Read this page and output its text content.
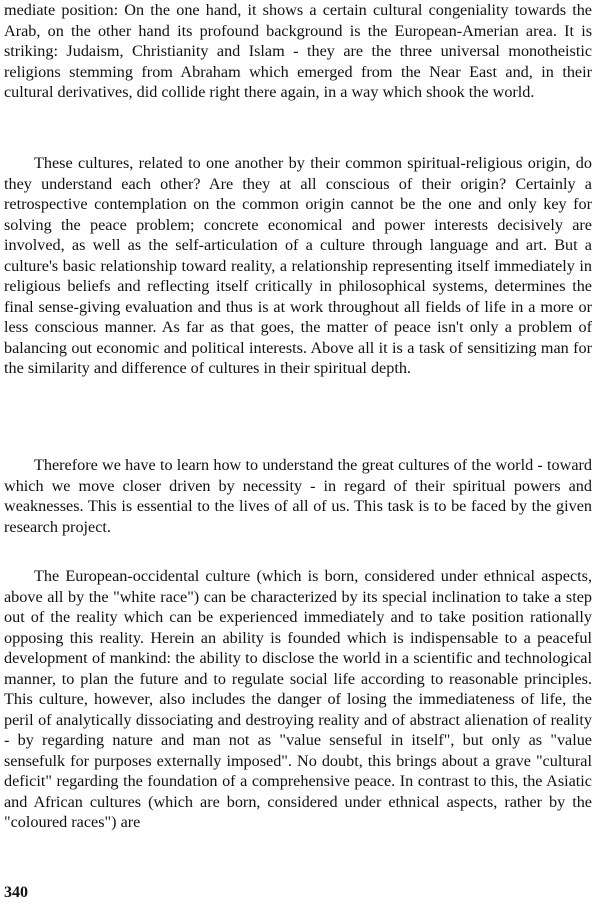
mediate position: On the one hand, it shows a certain cultural congeniality towards the Arab, on the other hand its profound background is the European-Amerian area. It is striking: Judaism, Christianity and Islam - they are the three universal monotheistic religions stemming from Abraham which emerged from the Near East and, in their cultural derivatives, did collide right there again, in a way which shook the world.

These cultures, related to one another by their common spiritual-religious origin, do they understand each other? Are they at all conscious of their origin? Certainly a retrospective contemplation on the common origin cannot be the one and only key for solving the peace problem; concrete economical and power interests decisively are involved, as well as the self-articulation of a culture through language and art. But a culture's basic relationship toward reality, a relationship representing itself immediately in religious beliefs and reflecting itself critically in philosophical systems, determines the final sense-giving evaluation and thus is at work throughout all fields of life in a more or less conscious manner. As far as that goes, the matter of peace isn't only a problem of balancing out economic and political interests. Above all it is a task of sensitizing man for the similarity and difference of cultures in their spiritual depth.

Therefore we have to learn how to understand the great cultures of the world - toward which we move closer driven by necessity - in regard of their spiritual powers and weaknesses. This is essential to the lives of all of us. This task is to be faced by the given research project.

The European-occidental culture (which is born, considered under ethnical aspects, above all by the "white race") can be characterized by its special inclination to take a step out of the reality which can be experienced immediately and to take position rationally opposing this reality. Herein an ability is founded which is indispensable to a peaceful development of mankind: the ability to disclose the world in a scientific and technological manner, to plan the future and to regulate social life according to reasonable principles. This culture, however, also includes the danger of losing the immediateness of life, the peril of analytically dissociating and destroying reality and of abstract alienation of reality - by regarding nature and man not as "value senseful in itself", but only as "value sensefulk for purposes externally imposed". No doubt, this brings about a grave "cultural deficit" regarding the foundation of a comprehensive peace. In contrast to this, the Asiatic and African cultures (which are born, considered under ethnical aspects, rather by the "coloured races") are

340
